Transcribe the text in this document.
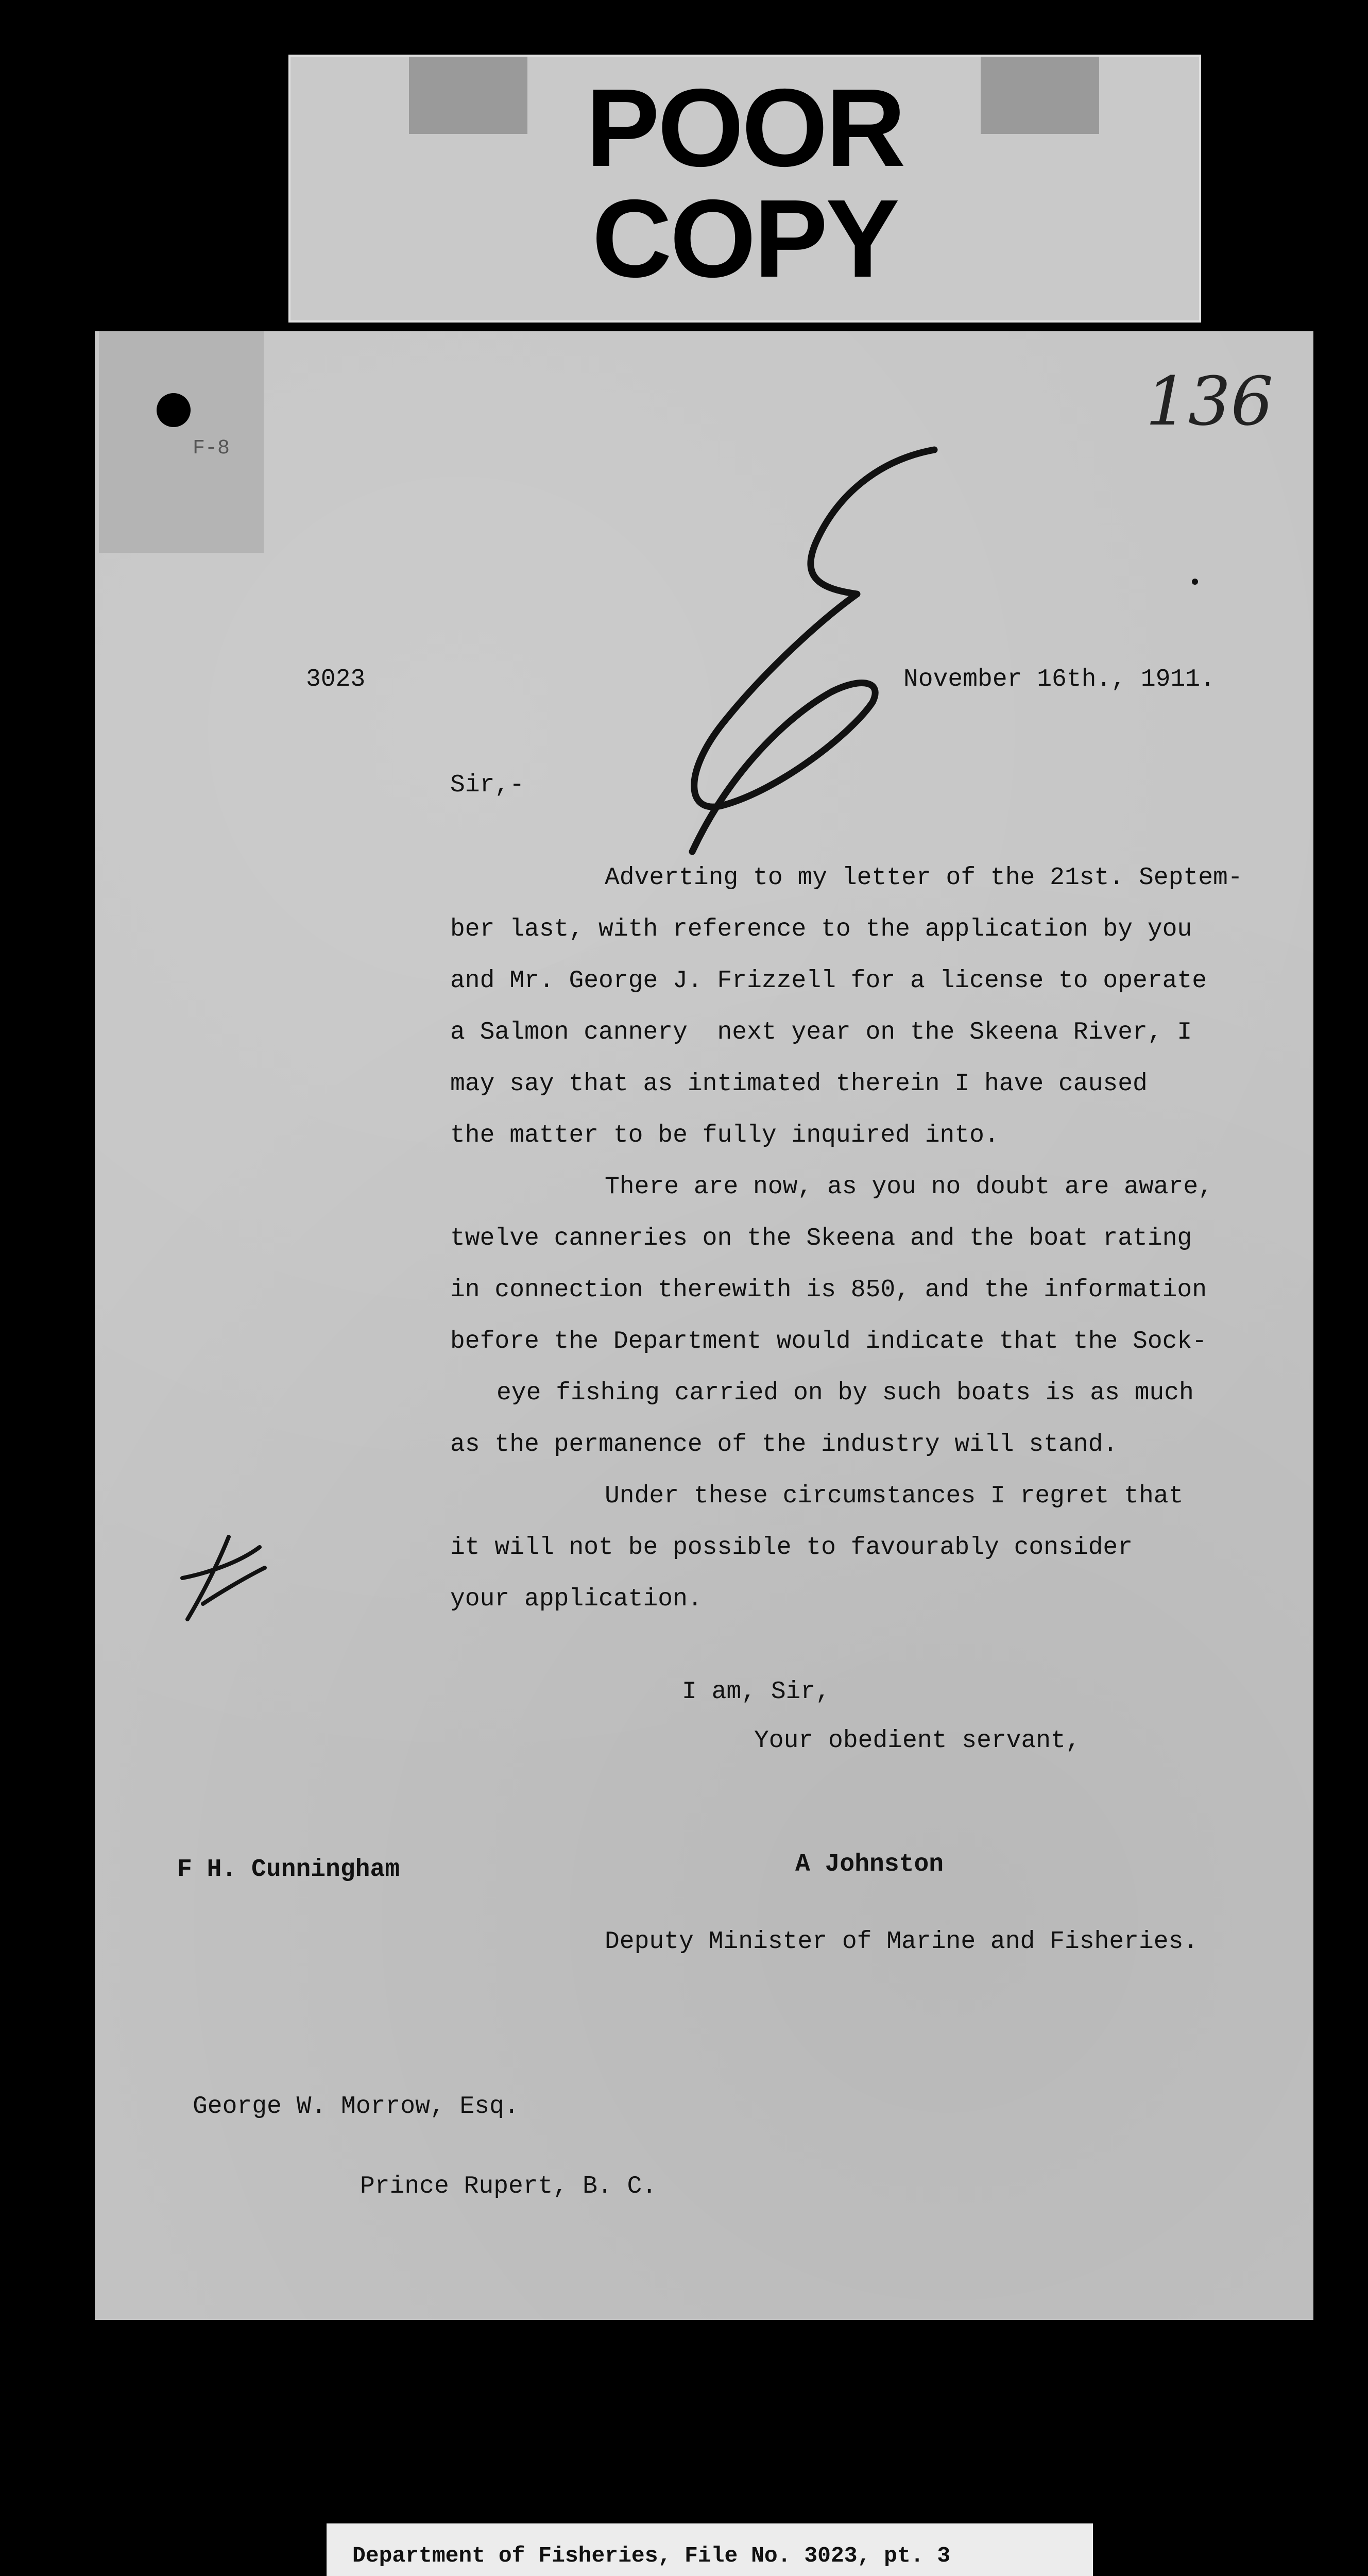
POOR
COPY
F-8
136
3023	November 16th., 1911.
Sir,-
Adverting to my letter of the 21st. Septem-
ber last, with reference to the application by you
and Mr. George J. Frizzell for a license to operate
a Salmon cannery  next year on the Skeena River, I
may say that as intimated therein I have caused
the matter to be fully inquired into.
There are now, as you no doubt are aware,
twelve canneries on the Skeena and the boat rating
in connection therewith is 850, and the information
before the Department would indicate that the Sock-
eye fishing carried on by such boats is as much
as the permanence of the industry will stand.
Under these circumstances I regret that
it will not be possible to favourably consider
your application.
I am, Sir,
Your obedient servant,
F H. Cunningham	A Johnston
Deputy Minister of Marine and Fisheries.
George W. Morrow, Esq.
Prince Rupert, B. C.
Department of Fisheries, File No. 3023, pt. 3
